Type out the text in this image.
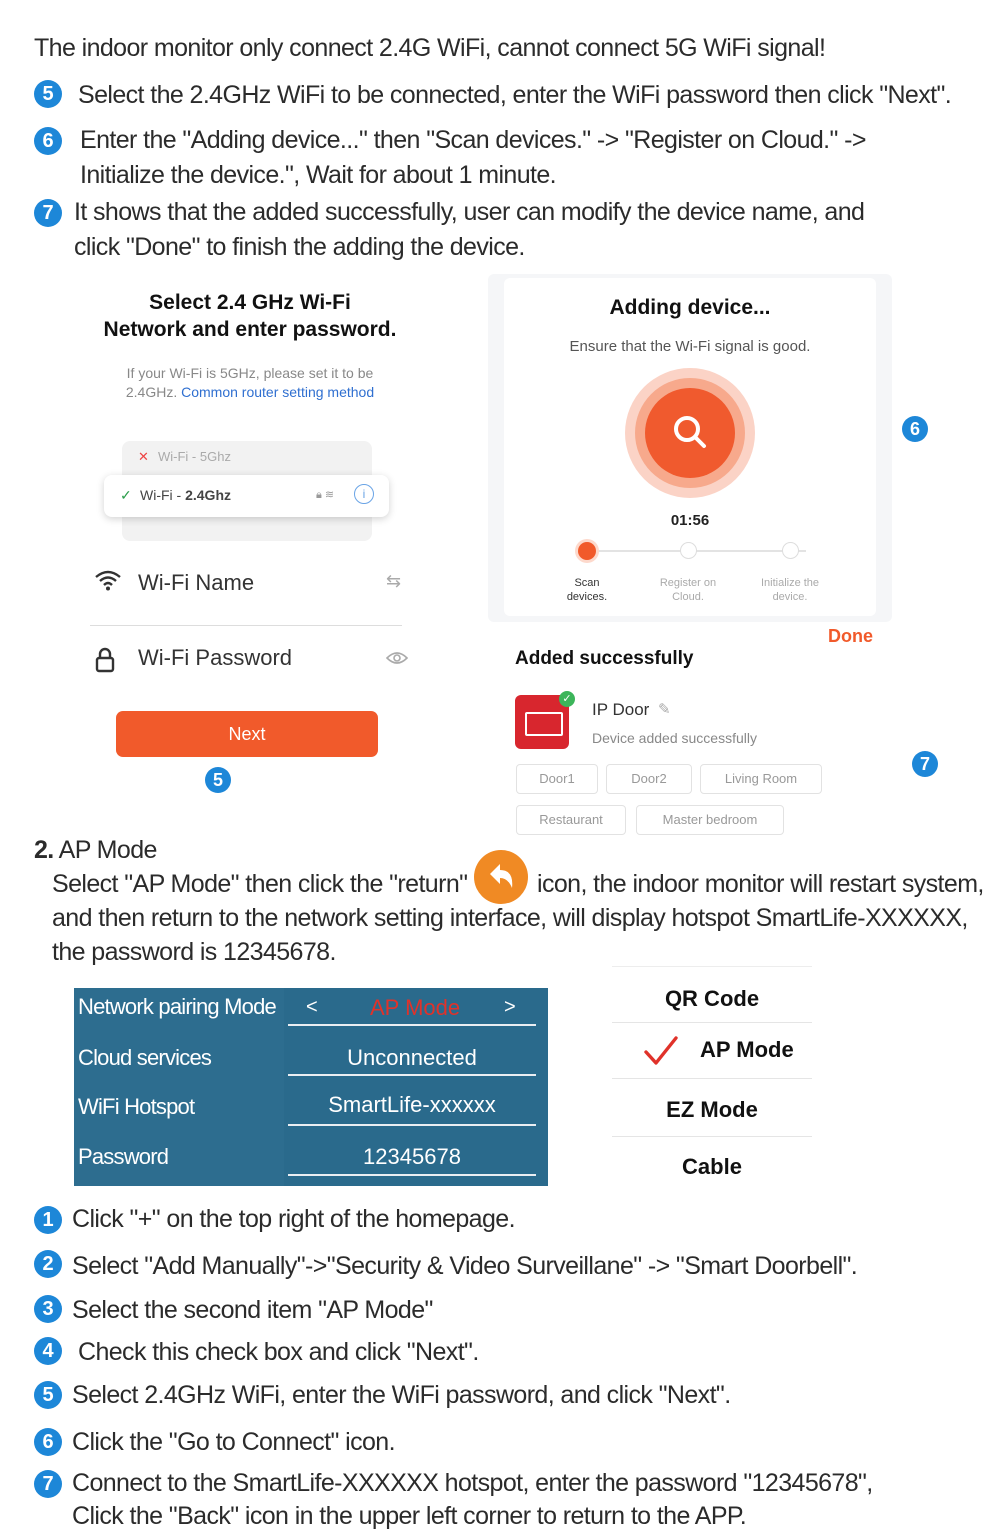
The indoor monitor only connect 2.4G WiFi, cannot connect 5G WiFi signal!
5 Select the 2.4GHz WiFi to be connected, enter the WiFi password then click "Next".
6	Enter the "Adding device..." then "Scan devices." -> "Register on Cloud." ->
Initialize the device.", Wait for about 1 minute.
7 It shows that the added successfully, user can modify the device name, and
click "Done" to finish the adding the device.
Select 2.4 GHz Wi-Fi
Network and enter password.
If your Wi-Fi is 5GHz, please set it to be
2.4GHz. Common router setting method
✕ Wi-Fi - 5Ghz
✓ Wi-Fi - 2.4Ghz	🔒︎ ≋	i
Wi-Fi Name	⇆
Wi-Fi Password
Next
5
Adding device...
Ensure that the Wi-Fi signal is good.
01:56
Scan
devices.
Register on
Cloud.
Initialize the
device.
6
Done
Added successfully
✓
IP Door ✎
Device added successfully
Door1	Door2	Living Room
Restaurant	Master bedroom
7
2. AP Mode
Select "AP Mode" then click the "return"	icon, the indoor monitor will restart system,
and then return to the network setting interface, will display hotspot SmartLife-XXXXXX,
the password is 12345678.
Network pairing Mode < AP Mode >
Cloud services	Unconnected
WiFi Hotspot	SmartLife-xxxxxx
Password	12345678
QR Code
AP Mode
EZ Mode
Cable
1 Click "+" on the top right of the homepage.
2 Select "Add Manually"->"Security & Video Surveillane" -> "Smart Doorbell".
3 Select the second item "AP Mode"
4 Check this check box and click "Next".
5 Select 2.4GHz WiFi, enter the WiFi password, and click "Next".
6 Click the "Go to Connect" icon.
7 Connect to the SmartLife-XXXXXX hotspot, enter the password "12345678",
Click the "Back" icon in the upper left corner to return to the APP.
